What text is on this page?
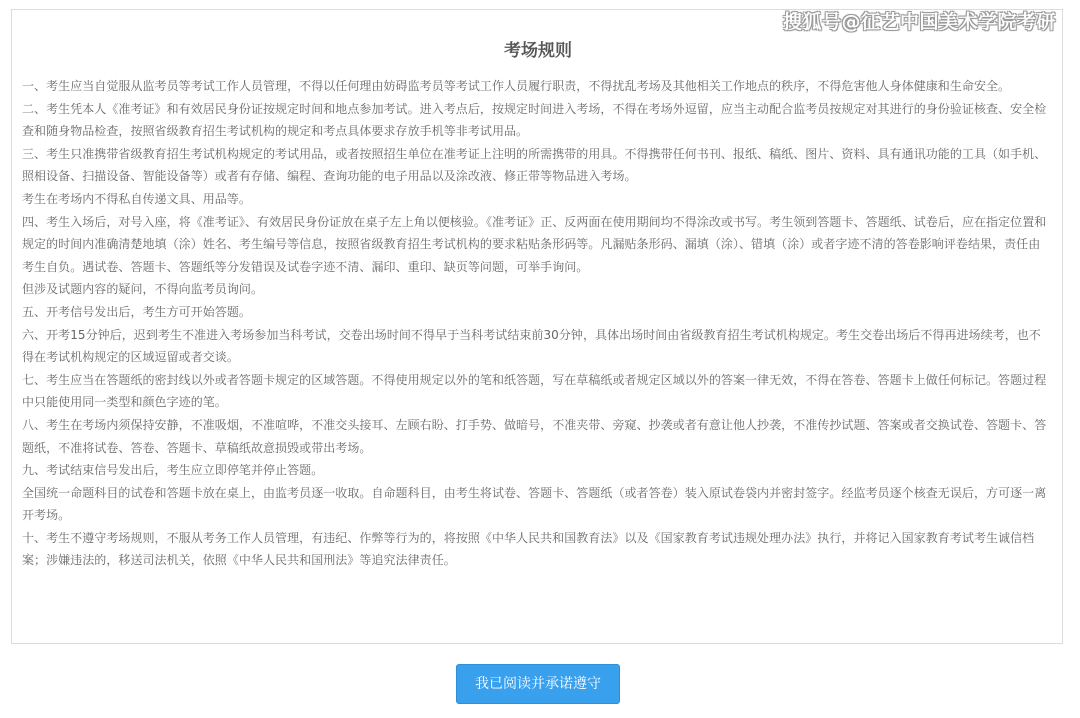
考场规则

一、考生应当自觉服从监考员等考试工作人员管理，不得以任何理由妨碍监考员等考试工作人员履行职责，不得扰乱考场及其他相关工作地点的秩序，不得危害他人身体健康和生命安全。

二、考生凭本人《准考证》和有效居民身份证按规定时间和地点参加考试。进入考点后，按规定时间进入考场，不得在考场外逗留，应当主动配合监考员按规定对其进行的身份验证核查、安全检查和随身物品检查，按照省级教育招生考试机构的规定和考点具体要求存放手机等非考试用品。

三、考生只准携带省级教育招生考试机构规定的考试用品，或者按照招生单位在准考证上注明的所需携带的用具。不得携带任何书刊、报纸、稿纸、图片、资料、具有通讯功能的工具（如手机、照相设备、扫描设备、智能设备等）或者有存储、编程、查询功能的电子用品以及涂改液、修正带等物品进入考场。

考生在考场内不得私自传递文具、用品等。

四、考生入场后，对号入座，将《准考证》、有效居民身份证放在桌子左上角以便核验。《准考证》正、反两面在使用期间均不得涂改或书写。考生领到答题卡、答题纸、试卷后，应在指定位置和规定的时间内准确清楚地填（涂）姓名、考生编号等信息，按照省级教育招生考试机构的要求粘贴条形码等。凡漏贴条形码、漏填（涂）、错填（涂）或者字迹不清的答卷影响评卷结果，责任由考生自负。遇试卷、答题卡、答题纸等分发错误及试卷字迹不清、漏印、重印、缺页等问题，可举手询问。

但涉及试题内容的疑问，不得向监考员询问。

五、开考信号发出后，考生方可开始答题。

六、开考15分钟后，迟到考生不准进入考场参加当科考试，交卷出场时间不得早于当科考试结束前30分钟，具体出场时间由省级教育招生考试机构规定。考生交卷出场后不得再进场续考，也不得在考试机构规定的区域逗留或者交谈。

七、考生应当在答题纸的密封线以外或者答题卡规定的区域答题。不得使用规定以外的笔和纸答题，写在草稿纸或者规定区域以外的答案一律无效，不得在答卷、答题卡上做任何标记。答题过程中只能使用同一类型和颜色字迹的笔。

八、考生在考场内须保持安静，不准吸烟，不准喧哗，不准交头接耳、左顾右盼、打手势、做暗号，不准夹带、旁窥、抄袭或者有意让他人抄袭，不准传抄试题、答案或者交换试卷、答题卡、答题纸，不准将试卷、答卷、答题卡、草稿纸故意损毁或带出考场。

九、考试结束信号发出后，考生应立即停笔并停止答题。

全国统一命题科目的试卷和答题卡放在桌上，由监考员逐一收取。自命题科目，由考生将试卷、答题卡、答题纸（或者答卷）装入原试卷袋内并密封签字。经监考员逐个核查无误后，方可逐一离开考场。

十、考生不遵守考场规则，不服从考务工作人员管理，有违纪、作弊等行为的，将按照《中华人民共和国教育法》以及《国家教育考试违规处理办法》执行，并将记入国家教育考试考生诚信档案；涉嫌违法的，移送司法机关，依照《中华人民共和国刑法》等追究法律责任。

搜狐号@征艺中国美术学院考研
我已阅读并承诺遵守
